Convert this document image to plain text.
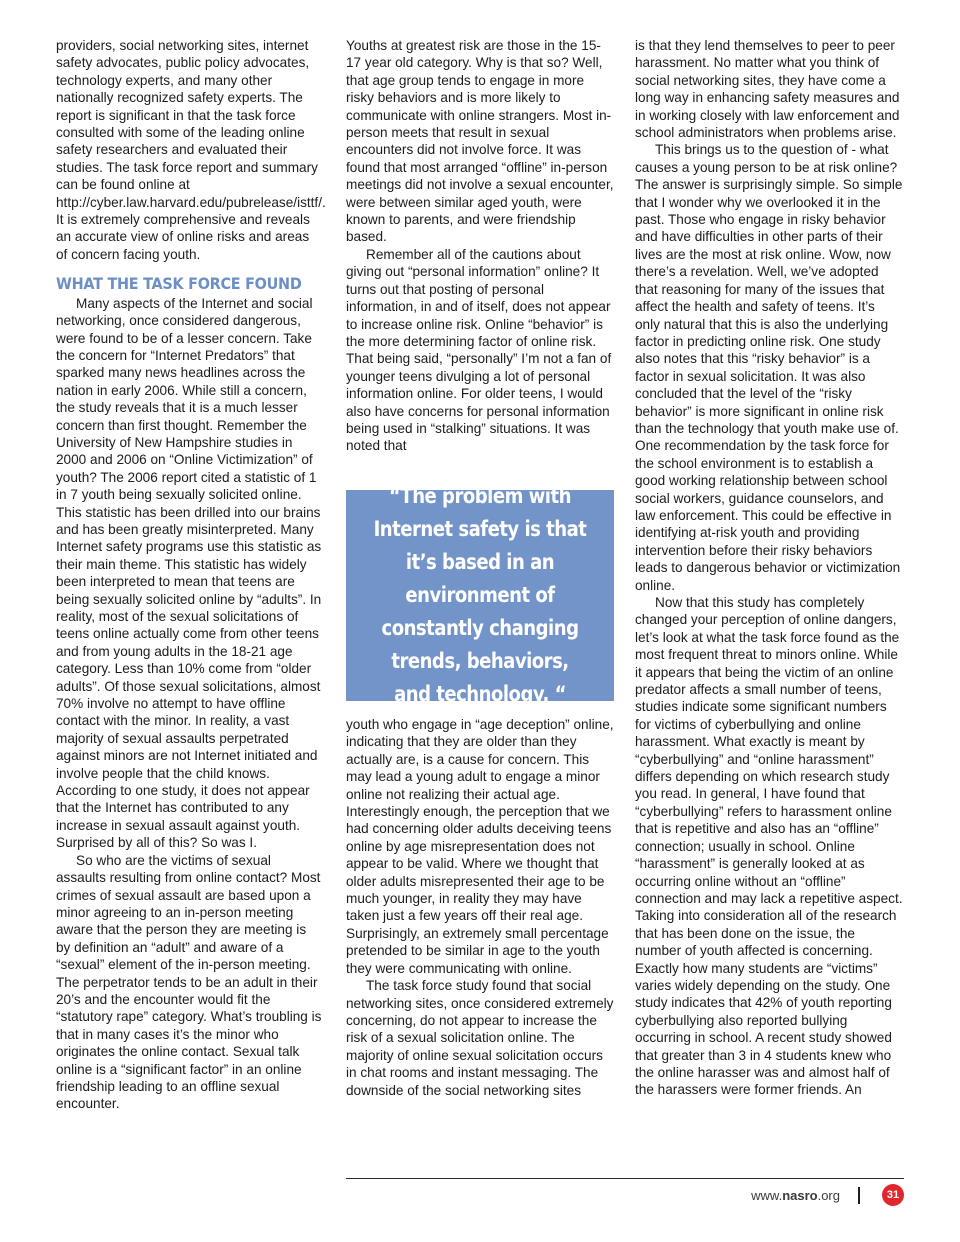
providers, social networking sites, internet safety advocates, public policy advocates, technology experts, and many other nationally recognized safety experts. The report is significant in that the task force consulted with some of the leading online safety researchers and evaluated their studies. The task force report and summary can be found online at http://cyber.law.harvard.edu/pubrelease/isttf/. It is extremely comprehensive and reveals an accurate view of online risks and areas of concern facing youth.

WHAT THE TASK FORCE FOUND

Many aspects of the Internet and social networking, once considered dangerous, were found to be of a lesser concern. Take the concern for “Internet Predators” that sparked many news headlines across the nation in early 2006. While still a concern, the study reveals that it is a much lesser concern than first thought. Remember the University of New Hampshire studies in 2000 and 2006 on “Online Victimization” of youth? The 2006 report cited a statistic of 1 in 7 youth being sexually solicited online. This statistic has been drilled into our brains and has been greatly misinterpreted. Many Internet safety programs use this statistic as their main theme. This statistic has widely been interpreted to mean that teens are being sexually solicited online by “adults”. In reality, most of the sexual solicitations of teens online actually come from other teens and from young adults in the 18-21 age category. Less than 10% come from “older adults”. Of those sexual solicitations, almost 70% involve no attempt to have offline contact with the minor. In reality, a vast majority of sexual assaults perpetrated against minors are not Internet initiated and involve people that the child knows. According to one study, it does not appear that the Internet has contributed to any increase in sexual assault against youth. Surprised by all of this? So was I.

So who are the victims of sexual assaults resulting from online contact? Most crimes of sexual assault are based upon a minor agreeing to an in-person meeting aware that the person they are meeting is by definition an “adult” and aware of a “sexual” element of the in-person meeting. The perpetrator tends to be an adult in their 20’s and the encounter would fit the “statutory rape” category. What’s troubling is that in many cases it’s the minor who originates the online contact. Sexual talk online is a “significant factor” in an online friendship leading to an offline sexual encounter.

Youths at greatest risk are those in the 15-17 year old category. Why is that so? Well, that age group tends to engage in more risky behaviors and is more likely to communicate with online strangers. Most in-person meets that result in sexual encounters did not involve force. It was found that most arranged “offline” in-person meetings did not involve a sexual encounter, were between similar aged youth, were known to parents, and were friendship based.

Remember all of the cautions about giving out “personal information” online? It turns out that posting of personal information, in and of itself, does not appear to increase online risk. Online “behavior” is the more determining factor of online risk. That being said, “personally” I’m not a fan of younger teens divulging a lot of personal information online. For older teens, I would also have concerns for personal information being used in “stalking” situations. It was noted that

“The problem with Internet safety is that it’s based in an environment of constantly changing trends, behaviors, and technology. “

youth who engage in “age deception” online, indicating that they are older than they actually are, is a cause for concern. This may lead a young adult to engage a minor online not realizing their actual age. Interestingly enough, the perception that we had concerning older adults deceiving teens online by age misrepresentation does not appear to be valid. Where we thought that older adults misrepresented their age to be much younger, in reality they may have taken just a few years off their real age. Surprisingly, an extremely small percentage pretended to be similar in age to the youth they were communicating with online.

The task force study found that social networking sites, once considered extremely concerning, do not appear to increase the risk of a sexual solicitation online. The majority of online sexual solicitation occurs in chat rooms and instant messaging. The downside of the social networking sites

is that they lend themselves to peer to peer harassment. No matter what you think of social networking sites, they have come a long way in enhancing safety measures and in working closely with law enforcement and school administrators when problems arise.

This brings us to the question of - what causes a young person to be at risk online? The answer is surprisingly simple. So simple that I wonder why we overlooked it in the past. Those who engage in risky behavior and have difficulties in other parts of their lives are the most at risk online. Wow, now there’s a revelation. Well, we’ve adopted that reasoning for many of the issues that affect the health and safety of teens. It’s only natural that this is also the underlying factor in predicting online risk. One study also notes that this “risky behavior” is a factor in sexual solicitation. It was also concluded that the level of the “risky behavior” is more significant in online risk than the technology that youth make use of. One recommendation by the task force for the school environment is to establish a good working relationship between school social workers, guidance counselors, and law enforcement. This could be effective in identifying at-risk youth and providing intervention before their risky behaviors leads to dangerous behavior or victimization online.

Now that this study has completely changed your perception of online dangers, let’s look at what the task force found as the most frequent threat to minors online. While it appears that being the victim of an online predator affects a small number of teens, studies indicate some significant numbers for victims of cyberbullying and online harassment. What exactly is meant by “cyberbullying” and “online harassment” differs depending on which research study you read. In general, I have found that “cyberbullying” refers to harassment online that is repetitive and also has an “offline” connection; usually in school. Online “harassment” is generally looked at as occurring online without an “offline” connection and may lack a repetitive aspect. Taking into consideration all of the research that has been done on the issue, the number of youth affected is concerning. Exactly how many students are “victims” varies widely depending on the study. One study indicates that 42% of youth reporting cyberbullying also reported bullying occurring in school. A recent study showed that greater than 3 in 4 students knew who the online harasser was and almost half of the harassers were former friends. An

www.nasro.org	31
